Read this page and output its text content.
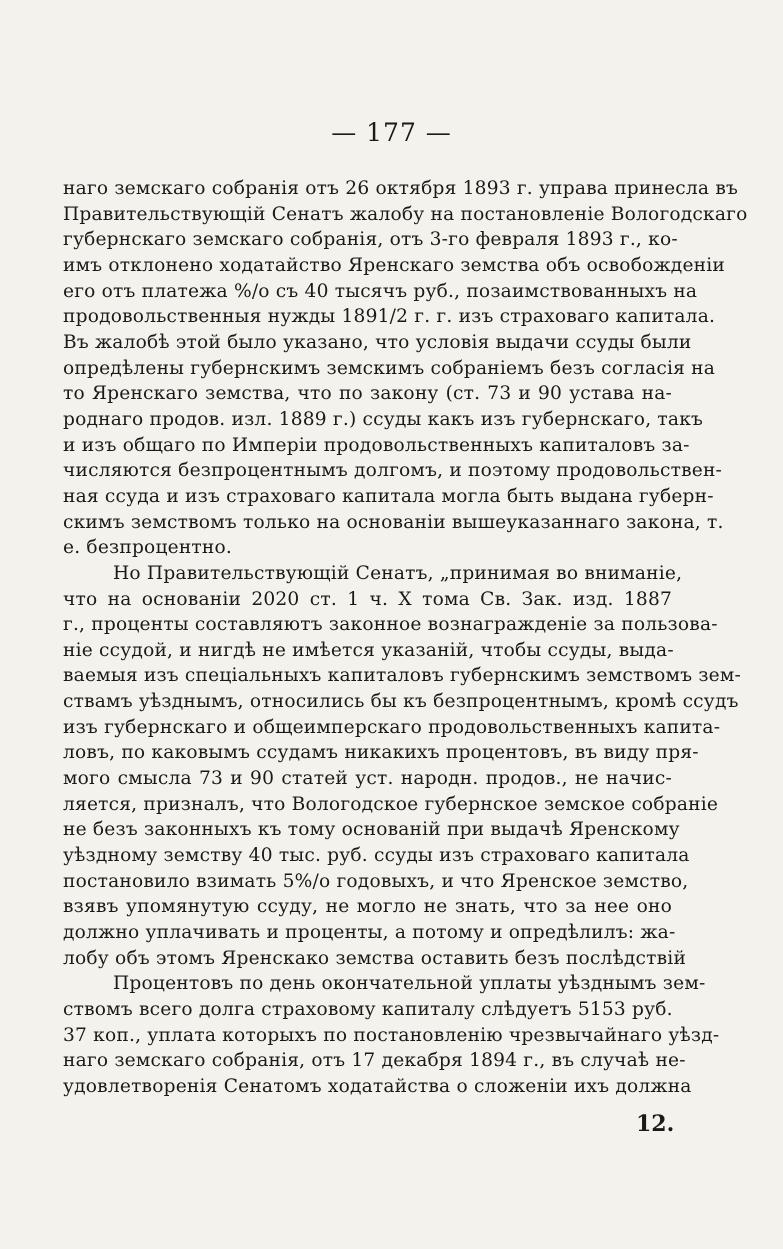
— 177 —
наго земскаго собранія отъ 26 октября 1893 г. управа принесла въ
Правительствующій Сенатъ жалобу на постановленіе Вологодскаго
губернскаго земскаго собранія, отъ 3-го февраля 1893 г., ко-
имъ отклонено ходатайство Яренскаго земства объ освобожденіи
его отъ платежа %/о съ 40 тысячъ руб., позаимствованныхъ на
продовольственныя нужды 1891/2 г. г. изъ страховаго капитала.
Въ жалобѣ этой было указано, что условія выдачи ссуды были
опредѣлены губернскимъ земскимъ собраніемъ безъ согласія на
то Яренскаго земства, что по закону (ст. 73 и 90 устава на-
роднаго продов. изл. 1889 г.) ссуды какъ изъ губернскаго, такъ
и изъ общаго по Имперіи продовольственныхъ капиталовъ за-
числяются безпроцентнымъ долгомъ, и поэтому продовольствен-
ная ссуда и изъ страховаго капитала могла быть выдана губерн-
скимъ земствомъ только на основаніи вышеуказаннаго закона, т.
е. безпроцентно.
Но Правительствующій Сенатъ, „принимая во вниманіе,
что на основаніи 2020 ст. 1 ч. X тома Св. Зак. изд. 1887
г., проценты составляютъ законное вознагражденіе за пользова-
ніе ссудой, и нигдѣ не имѣется указаній, чтобы ссуды, выда-
ваемыя изъ спеціальныхъ капиталовъ губернскимъ земствомъ зем-
ствамъ уѣзднымъ, относились бы къ безпроцентнымъ, кромѣ ссудъ
изъ губернскаго и общеимперскаго продовольственныхъ капита-
ловъ, по каковымъ ссудамъ никакихъ процентовъ, въ виду пря-
мого смысла 73 и 90 статей уст. народн. продов., не начис-
ляется, призналъ, что Вологодское губернское земское собраніе
не безъ законныхъ къ тому основаній при выдачѣ Яренскому
уѣздному земству 40 тыс. руб. ссуды изъ страховаго капитала
постановило взимать 5%/о годовыхъ, и что Яренское земство,
взявъ упомянутую ссуду, не могло не знать, что за нее оно
должно уплачивать и проценты, а потому и опредѣлилъ: жа-
лобу объ этомъ Яренскако земства оставить безъ послѣдствій
Процентовъ по день окончательной уплаты уѣзднымъ зем-
ствомъ всего долга страховому капиталу слѣдуетъ 5153 руб.
37 коп., уплата которыхъ по постановленію чрезвычайнаго уѣзд-
наго земскаго собранія, отъ 17 декабря 1894 г., въ случаѣ не-
удовлетворенія Сенатомъ ходатайства о сложеніи ихъ должна
12.
